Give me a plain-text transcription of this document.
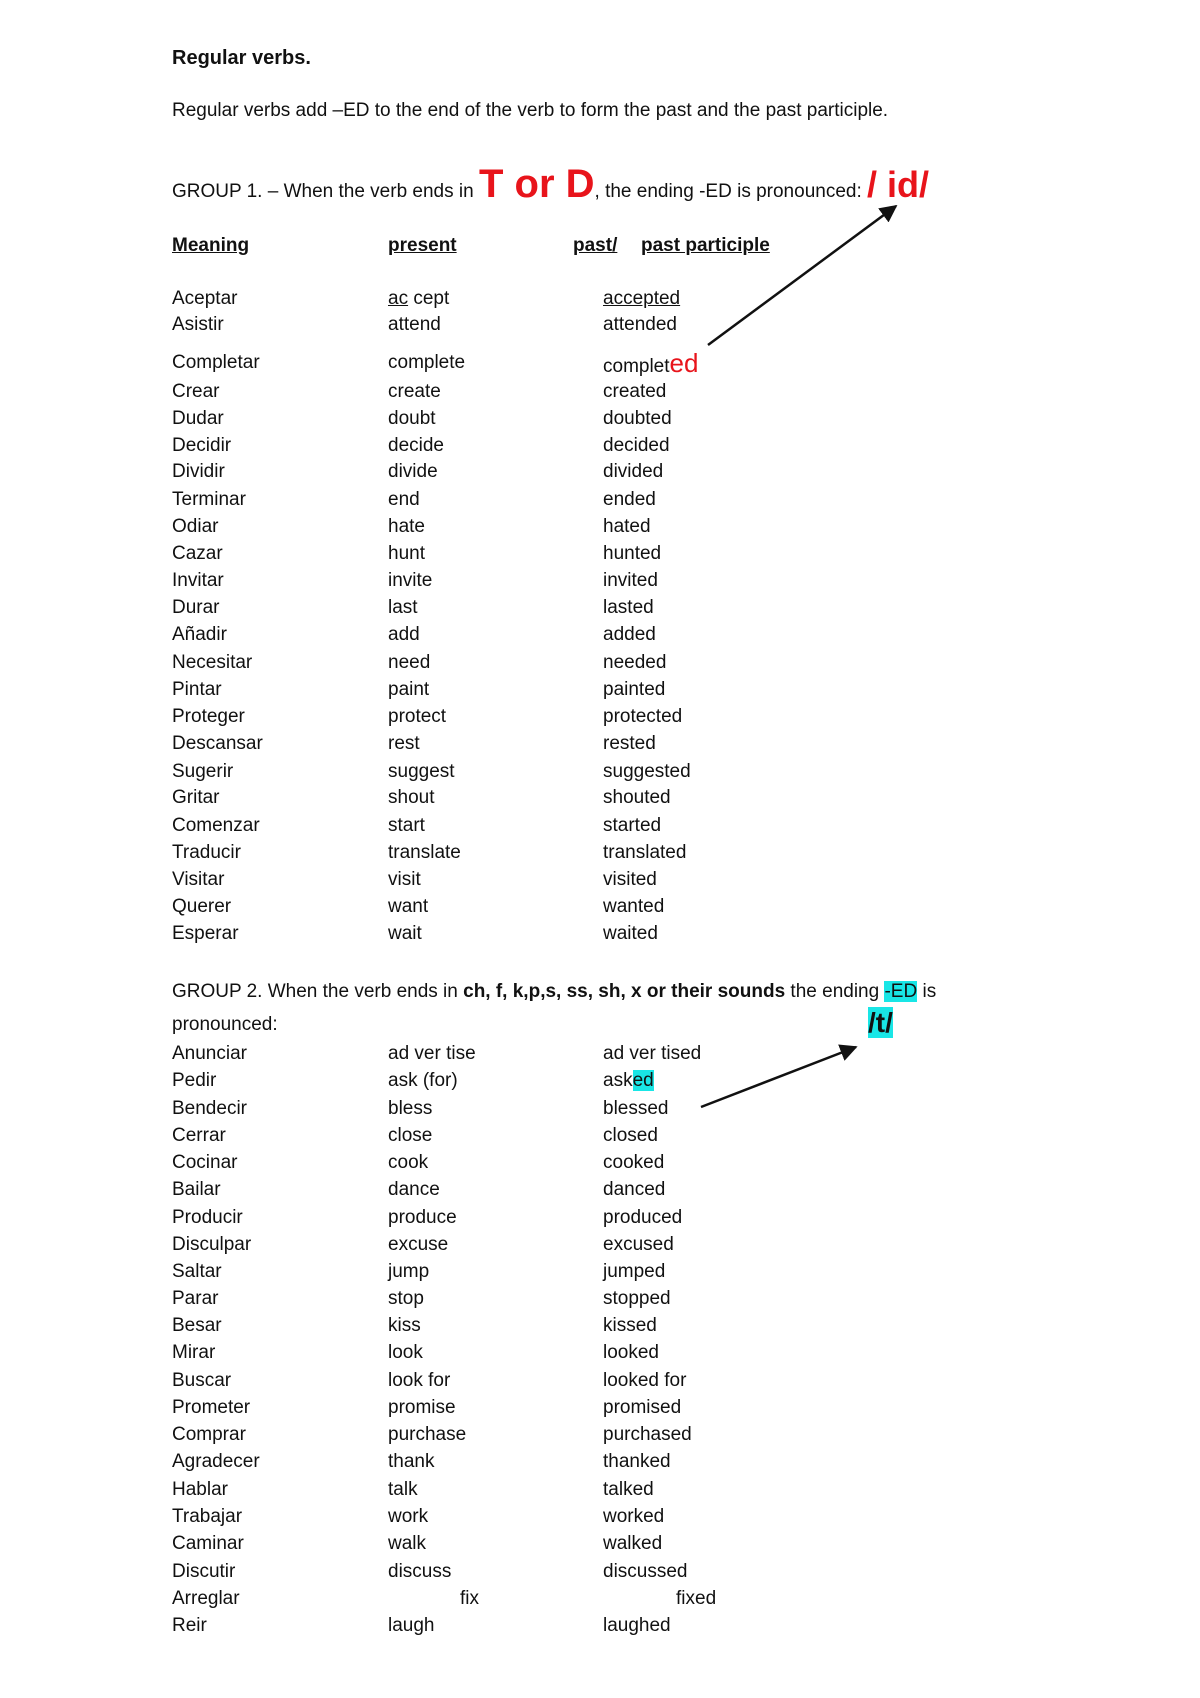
Regular verbs.
Regular verbs add –ED to the end of the verb to form the past and the past participle.
GROUP 1. – When the verb ends in T or D, the ending -ED is pronounced: / id/
Meaning	present	past/ past participle
Aceptar	ac cept	accepted
Asistir	attend	attended
Completar	complete	completed
Crear	create	created
Dudar	doubt	doubted
Decidir	decide	decided
Dividir	divide	divided
Terminar	end	ended
Odiar	hate	hated
Cazar	hunt	hunted
Invitar	invite	invited
Durar	last	lasted
Añadir	add	added
Necesitar	need	needed
Pintar	paint	painted
Proteger	protect	protected
Descansar	rest	rested
Sugerir	suggest	suggested
Gritar	shout	shouted
Comenzar	start	started
Traducir	translate	translated
Visitar	visit	visited
Querer	want	wanted
Esperar	wait	waited
GROUP 2. When the verb ends in ch, f, k,p,s, ss, sh, x or their sounds the ending -ED is
pronounced:	/t/
Anunciar	ad ver tise	ad ver tised
Pedir	ask (for)	asked
Bendecir	bless	blessed
Cerrar	close	closed
Cocinar	cook	cooked
Bailar	dance	danced
Producir	produce	produced
Disculpar	excuse	excused
Saltar	jump	jumped
Parar	stop	stopped
Besar	kiss	kissed
Mirar	look	looked
Buscar	look for	looked for
Prometer	promise	promised
Comprar	purchase	purchased
Agradecer	thank	thanked
Hablar	talk	talked
Trabajar	work	worked
Caminar	walk	walked
Discutir	discuss	discussed
Arreglar	fix	fixed
Reir	laugh	laughed
